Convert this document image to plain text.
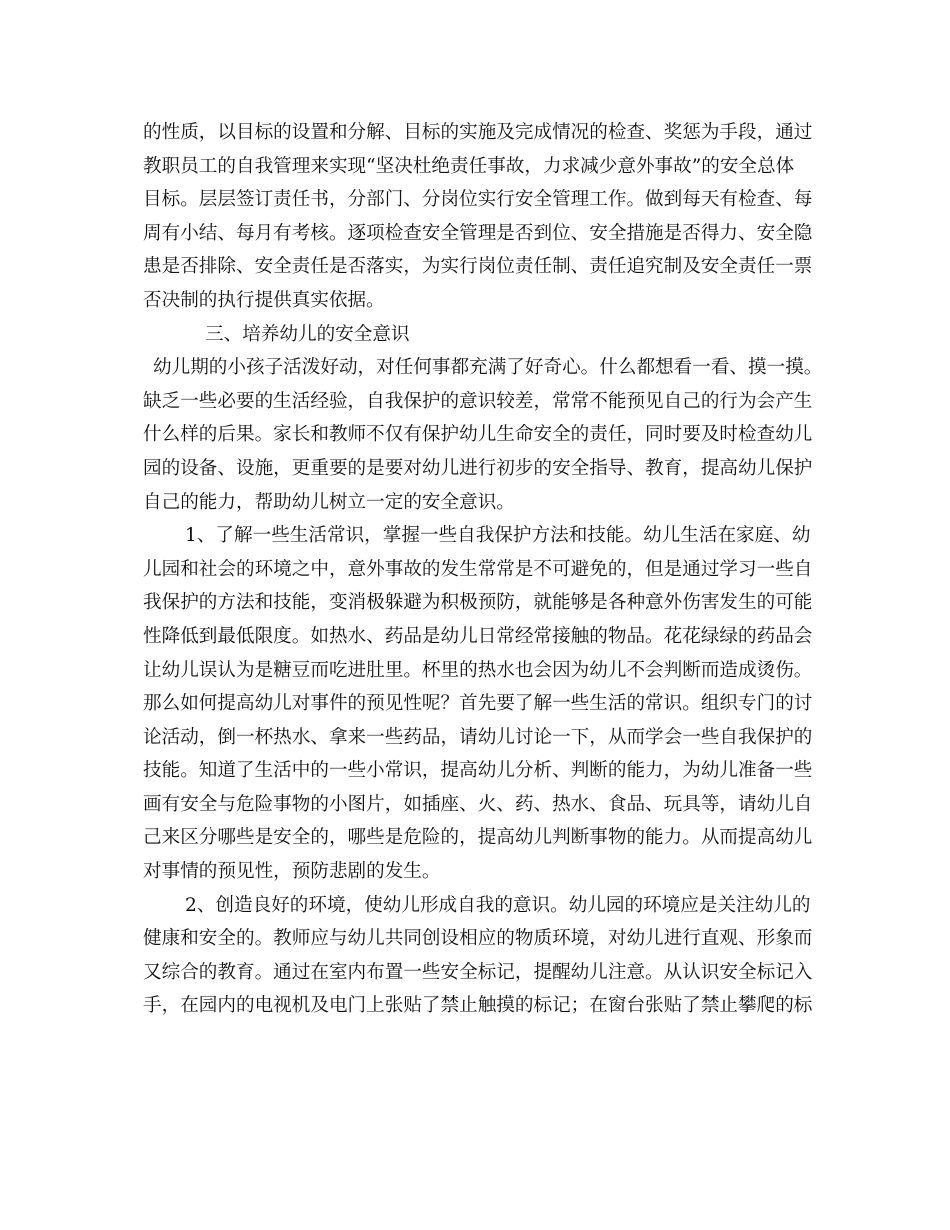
的性质，以目标的设置和分解、目标的实施及完成情况的检查、奖惩为手段，通过
教职员工的自我管理来实现“坚决杜绝责任事故，力求减少意外事故”的安全总体
目标。层层签订责任书，分部门、分岗位实行安全管理工作。做到每天有检查、每
周有小结、每月有考核。逐项检查安全管理是否到位、安全措施是否得力、安全隐
患是否排除、安全责任是否落实，为实行岗位责任制、责任追究制及安全责任一票
否决制的执行提供真实依据。
三、培养幼儿的安全意识
幼儿期的小孩子活泼好动，对任何事都充满了好奇心。什么都想看一看、摸一摸。
缺乏一些必要的生活经验，自我保护的意识较差，常常不能预见自己的行为会产生
什么样的后果。家长和教师不仅有保护幼儿生命安全的责任，同时要及时检查幼儿
园的设备、设施，更重要的是要对幼儿进行初步的安全指导、教育，提高幼儿保护
自己的能力，帮助幼儿树立一定的安全意识。
1、了解一些生活常识，掌握一些自我保护方法和技能。幼儿生活在家庭、幼
儿园和社会的环境之中，意外事故的发生常常是不可避免的，但是通过学习一些自
我保护的方法和技能，变消极躲避为积极预防，就能够是各种意外伤害发生的可能
性降低到最低限度。如热水、药品是幼儿日常经常接触的物品。花花绿绿的药品会
让幼儿误认为是糖豆而吃进肚里。杯里的热水也会因为幼儿不会判断而造成烫伤。
那么如何提高幼儿对事件的预见性呢？首先要了解一些生活的常识。组织专门的讨
论活动，倒一杯热水、拿来一些药品，请幼儿讨论一下，从而学会一些自我保护的
技能。知道了生活中的一些小常识，提高幼儿分析、判断的能力，为幼儿准备一些
画有安全与危险事物的小图片，如插座、火、药、热水、食品、玩具等，请幼儿自
己来区分哪些是安全的，哪些是危险的，提高幼儿判断事物的能力。从而提高幼儿
对事情的预见性，预防悲剧的发生。
2、创造良好的环境，使幼儿形成自我的意识。幼儿园的环境应是关注幼儿的
健康和安全的。教师应与幼儿共同创设相应的物质环境，对幼儿进行直观、形象而
又综合的教育。通过在室内布置一些安全标记，提醒幼儿注意。从认识安全标记入
手，在园内的电视机及电门上张贴了禁止触摸的标记；在窗台张贴了禁止攀爬的标
